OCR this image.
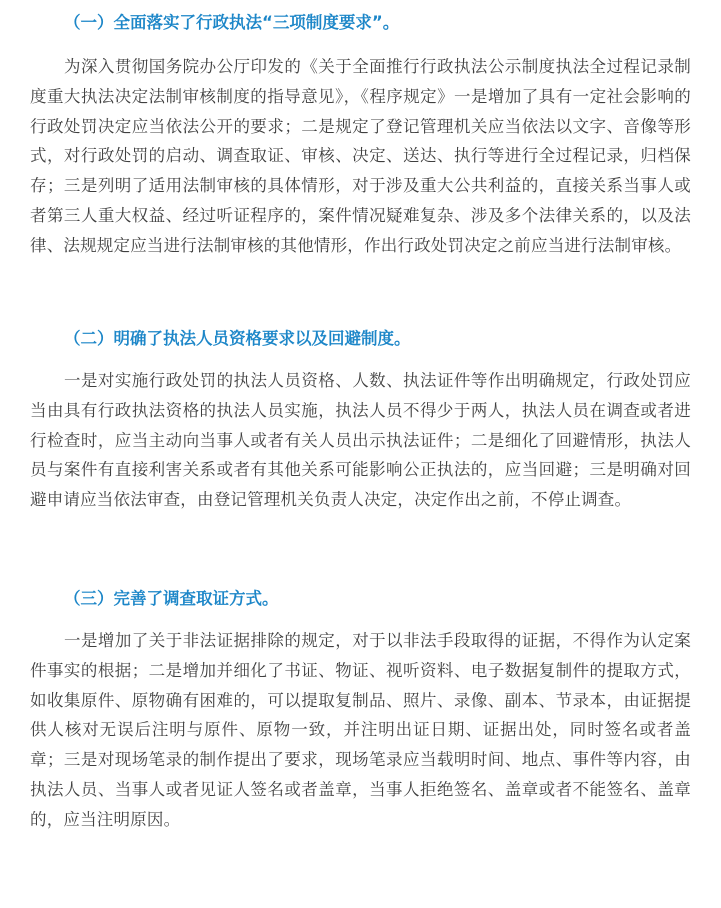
（一）全面落实了行政执法“三项制度要求”。

为深入贯彻国务院办公厅印发的《关于全面推行行政执法公示制度执法全过程记录制度重大执法决定法制审核制度的指导意见》，《程序规定》一是增加了具有一定社会影响的行政处罚决定应当依法公开的要求；二是规定了登记管理机关应当依法以文字、音像等形式，对行政处罚的启动、调查取证、审核、决定、送达、执行等进行全过程记录，归档保存；三是列明了适用法制审核的具体情形，对于涉及重大公共利益的，直接关系当事人或者第三人重大权益、经过听证程序的，案件情况疑难复杂、涉及多个法律关系的，以及法律、法规规定应当进行法制审核的其他情形，作出行政处罚决定之前应当进行法制审核。

（二）明确了执法人员资格要求以及回避制度。

一是对实施行政处罚的执法人员资格、人数、执法证件等作出明确规定，行政处罚应当由具有行政执法资格的执法人员实施，执法人员不得少于两人，执法人员在调查或者进行检查时，应当主动向当事人或者有关人员出示执法证件；二是细化了回避情形，执法人员与案件有直接利害关系或者有其他关系可能影响公正执法的，应当回避；三是明确对回避申请应当依法审查，由登记管理机关负责人决定，决定作出之前，不停止调查。

（三）完善了调查取证方式。

一是增加了关于非法证据排除的规定，对于以非法手段取得的证据，不得作为认定案件事实的根据；二是增加并细化了书证、物证、视听资料、电子数据复制件的提取方式，如收集原件、原物确有困难的，可以提取复制品、照片、录像、副本、节录本，由证据提供人核对无误后注明与原件、原物一致，并注明出证日期、证据出处，同时签名或者盖章；三是对现场笔录的制作提出了要求，现场笔录应当载明时间、地点、事件等内容，由执法人员、当事人或者见证人签名或者盖章，当事人拒绝签名、盖章或者不能签名、盖章的，应当注明原因。
